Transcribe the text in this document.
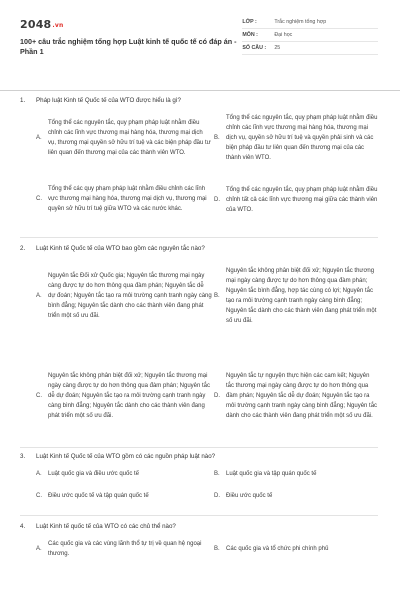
2048.vn
100+ câu trắc nghiệm tổng hợp Luật kinh tế quốc tế có đáp án - Phần 1
LỚP :	Trắc nghiệm tổng hợp
MÔN :	Đại học
SỐ CÂU :	25
1. Pháp luật Kinh tế Quốc tế của WTO được hiểu là gì?
A.
Tổng thể các nguyên tắc, quy phạm pháp luật nhằm điều chỉnh các lĩnh vực thương mại hàng hóa, thương mại dịch vụ, thương mại quyền sở hữu trí tuệ và các biện pháp đầu tư liên quan đến thương mại của các thành viên WTO.
B.
Tổng thể các nguyên tắc, quy phạm pháp luật nhằm điều chỉnh các lĩnh vực thương mại hàng hóa, thương mại dịch vụ, quyền sở hữu trí tuệ và quyền phải sinh và các biện pháp đầu tư liên quan đến thương mại của các thành viên WTO.
C.
Tổng thể các quy phạm pháp luật nhằm điều chỉnh các lĩnh vực thương mại hàng hóa, thương mại dịch vụ, thương mại quyền sở hữu trí tuệ giữa WTO và các nước khác.
D.
Tổng thể các nguyên tắc, quy phạm pháp luật nhằm điều chỉnh tất cả các lĩnh vực thương mại giữa các thành viên của WTO.
2. Luật Kinh tế Quốc tế của WTO bao gồm các nguyên tắc nào?
A.
Nguyên tắc Đối xử Quốc gia; Nguyên tắc thương mại ngày càng được tự do hơn thông qua đàm phán; Nguyên tắc dễ dự đoán; Nguyên tắc tạo ra môi trường cạnh tranh ngày càng bình đẳng; Nguyên tắc dành cho các thành viên đang phát triển một số ưu đãi.
B.
Nguyên tắc không phân biệt đối xử; Nguyên tắc thương mại ngày càng được tự do hơn thông qua đàm phán; Nguyên tắc bình đẳng, hợp tác cùng có lợi; Nguyên tắc tạo ra môi trường cạnh tranh ngày càng bình đẳng; Nguyên tắc dành cho các thành viên đang phát triển một số ưu đãi.
C.
Nguyên tắc không phân biệt đối xử; Nguyên tắc thương mại ngày càng được tự do hơn thông qua đàm phán; Nguyên tắc dễ dự đoán; Nguyên tắc tạo ra môi trường cạnh tranh ngày càng bình đẳng; Nguyên tắc dành cho các thành viên đang phát triển một số ưu đãi.
D.
Nguyên tắc tự nguyện thực hiện các cam kết; Nguyên tắc thương mại ngày càng được tự do hơn thông qua đàm phán; Nguyên tắc dễ dự đoán; Nguyên tắc tạo ra môi trường cạnh tranh ngày càng bình đẳng; Nguyên tắc dành cho các thành viên đang phát triển một số ưu đãi.
3. Luật Kinh tế Quốc tế của WTO gồm có các nguồn pháp luật nào?
A.	Luật quốc gia và điều ước quốc tế	B.	Luật quốc gia và tập quán quốc tế
C.	Điều ước quốc tế và tập quán quốc tế	D.	Điều ước quốc tế
4. Luật Kinh tế quốc tế của WTO có các chủ thể nào?
A.
Các quốc gia và các vùng lãnh thổ tự trị về quan hệ ngoại thương.
B.	Các quốc gia và tổ chức phi chính phủ
